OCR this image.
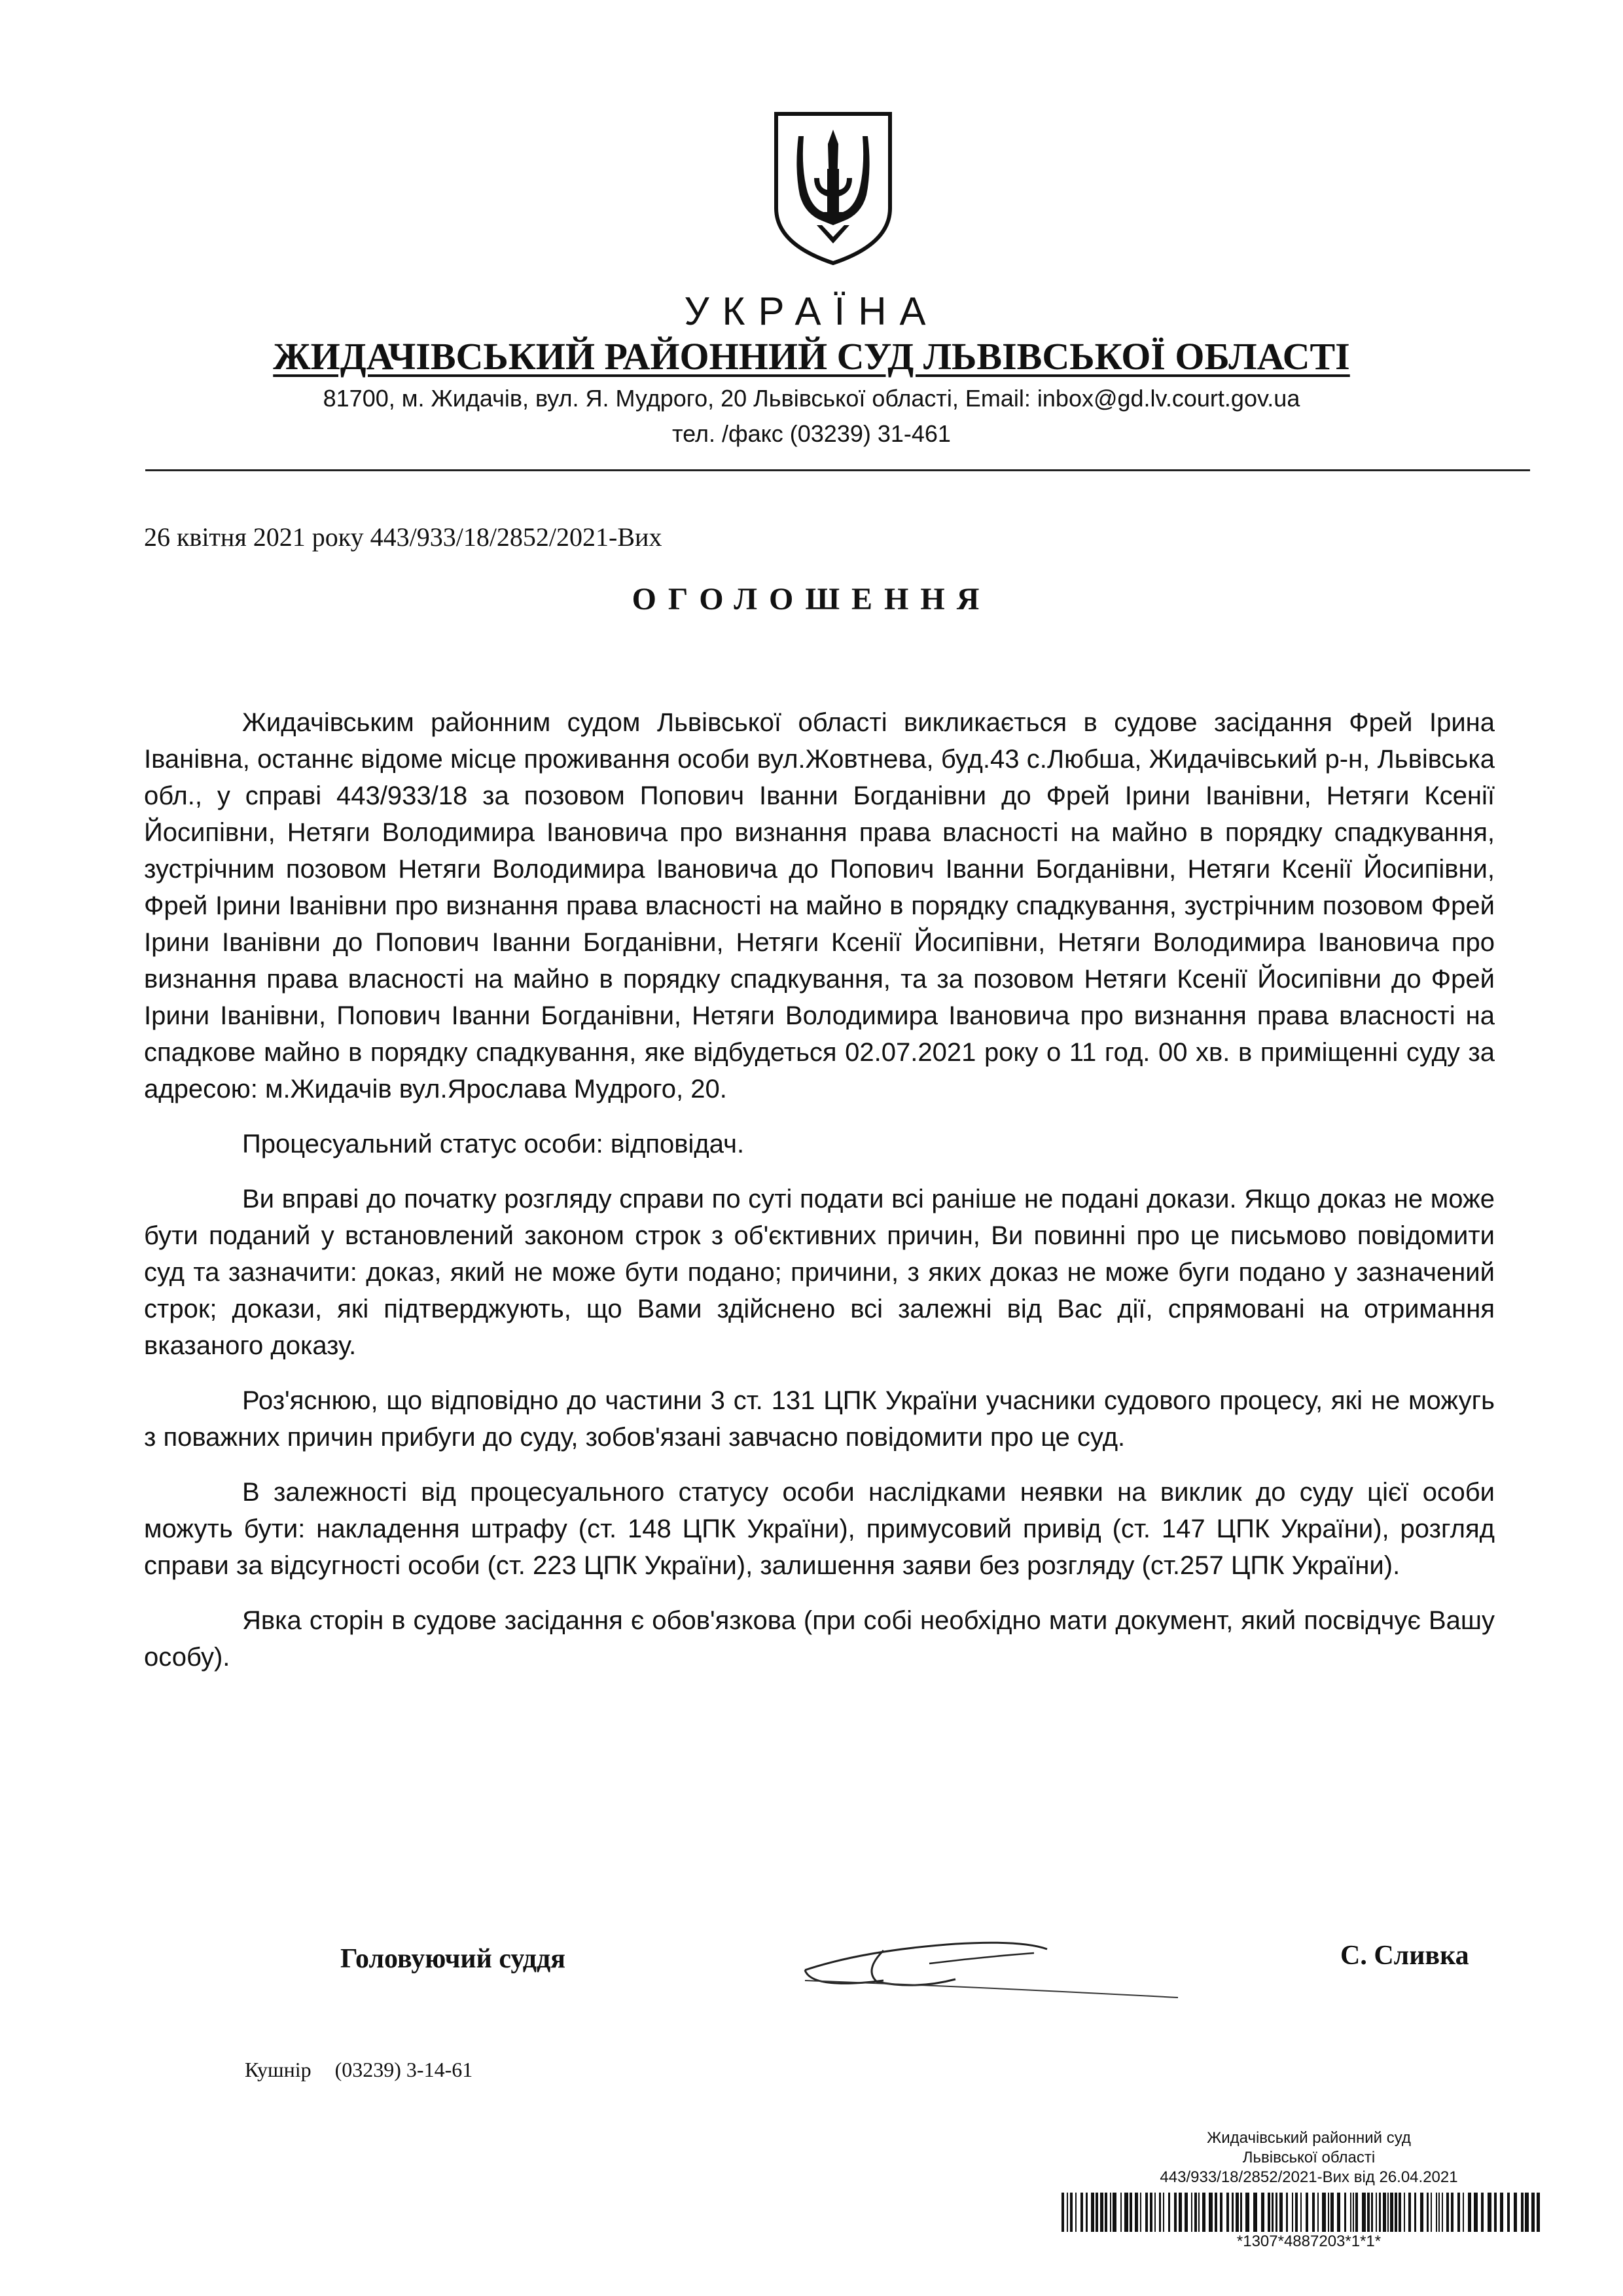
УКРАЇНА
ЖИДАЧІВСЬКИЙ РАЙОННИЙ СУД ЛЬВІВСЬКОЇ ОБЛАСТІ
81700, м. Жидачів, вул. Я. Мудрого, 20 Львівської області, Email: inbox@gd.lv.court.gov.ua
тел. /факс (03239) 31-461
26 квітня 2021 року 443/933/18/2852/2021-Вих
ОГОЛОШЕННЯ

Жидачівським районним судом Львівської області викликається в судове засідання Фрей Ірина Іванівна, останнє відоме місце проживання особи вул.Жовтнева, буд.43 с.Любша, Жидачівський р-н, Львівська обл., у справі 443/933/18 за позовом Попович Іванни Богданівни до Фрей Ірини Іванівни, Нетяги Ксенії Йосипівни, Нетяги Володимира Івановича про визнання права власності на майно в порядку спадкування, зустрічним позовом Нетяги Володимира Івановича до Попович Іванни Богданівни, Нетяги Ксенії Йосипівни, Фрей Ірини Іванівни про визнання права власності на майно в порядку спадкування, зустрічним позовом Фрей Ірини Іванівни до Попович Іванни Богданівни, Нетяги Ксенії Йосипівни, Нетяги Володимира Івановича про визнання права власності на майно в порядку спадкування, та за позовом Нетяги Ксенії Йосипівни до Фрей Ірини Іванівни, Попович Іванни Богданівни, Нетяги Володимира Івановича про визнання права власності на спадкове майно в порядку спадкування, яке відбудеться 02.07.2021 року о 11 год. 00 хв. в приміщенні суду за адресою: м.Жидачів вул.Ярослава Мудрого, 20.

Процесуальний статус особи: відповідач.

Ви вправі до початку розгляду справи по суті подати всі раніше не подані докази. Якщо доказ не може бути поданий у встановлений законом строк з об'єктивних причин, Ви повинні про це письмово повідомити суд та зазначити: доказ, який не може бути подано; причини, з яких доказ не може буги подано у зазначений строк; докази, які підтверджують, що Вами здійснено всі залежні від Вас дії, спрямовані на отримання вказаного доказу.

Роз'яснюю, що відповідно до частини 3 ст. 131 ЦПК України учасники судового процесу, які не можугь з поважних причин прибуги до суду, зобов'язані завчасно повідомити про це суд.

В залежності від процесуального статусу особи наслідками неявки на виклик до суду цієї особи можуть бути: накладення штрафу (ст. 148 ЦПК України), примусовий привід (ст. 147 ЦПК України), розгляд справи за відсугності особи (ст. 223 ЦПК України), залишення заяви без розгляду (ст.257 ЦПК України).

Явка сторін в судове засідання є обов'язкова (при собі необхідно мати документ, який посвідчує Вашу особу).

Головуючий суддя	С. Сливка
Кушнір (03239) 3-14-61
Жидачівський районний суд
Львівської області
443/933/18/2852/2021-Вих від 26.04.2021
*1307*4887203*1*1*
